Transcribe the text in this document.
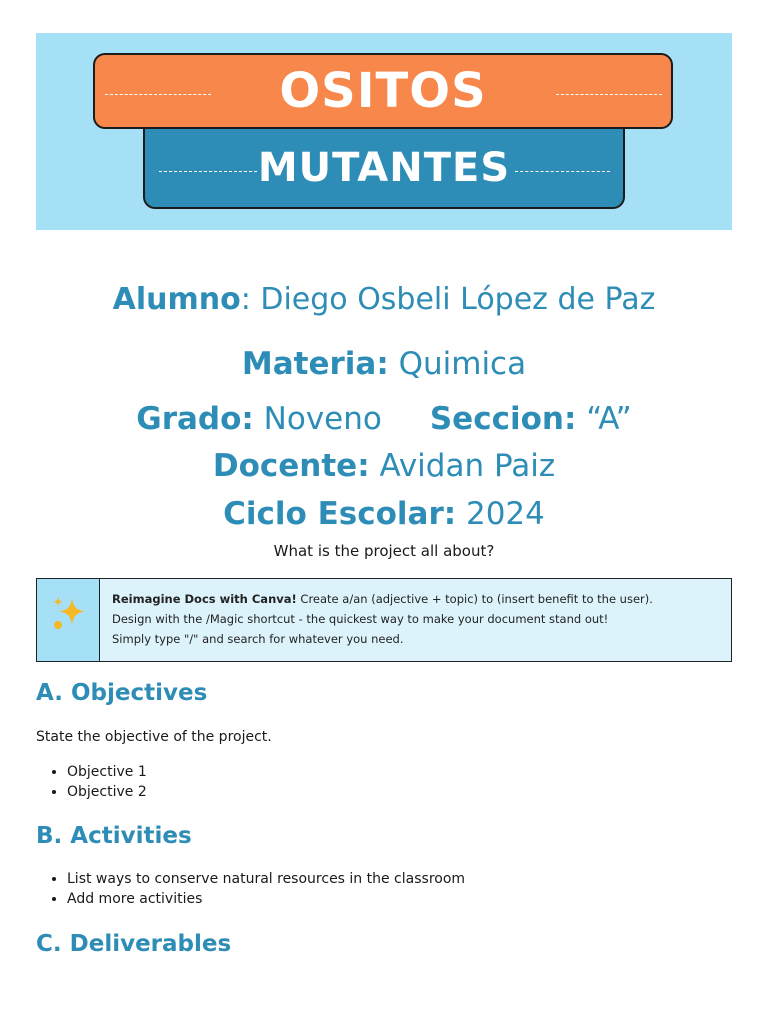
OSITOS
MUTANTES
Alumno: Diego Osbeli López de Paz
Materia: Quimica
Grado: Noveno Seccion: “A”
Docente: Avidan Paiz
Ciclo Escolar: 2024
What is the project all about?
Reimagine Docs with Canva! Create a/an (adjective + topic) to (insert benefit to the user).
Design with the /Magic shortcut - the quickest way to make your document stand out!
Simply type "/" and search for whatever you need.
A. Objectives
State the objective of the project.
• Objective 1
• Objective 2
B. Activities
• List ways to conserve natural resources in the classroom
• Add more activities
C. Deliverables
